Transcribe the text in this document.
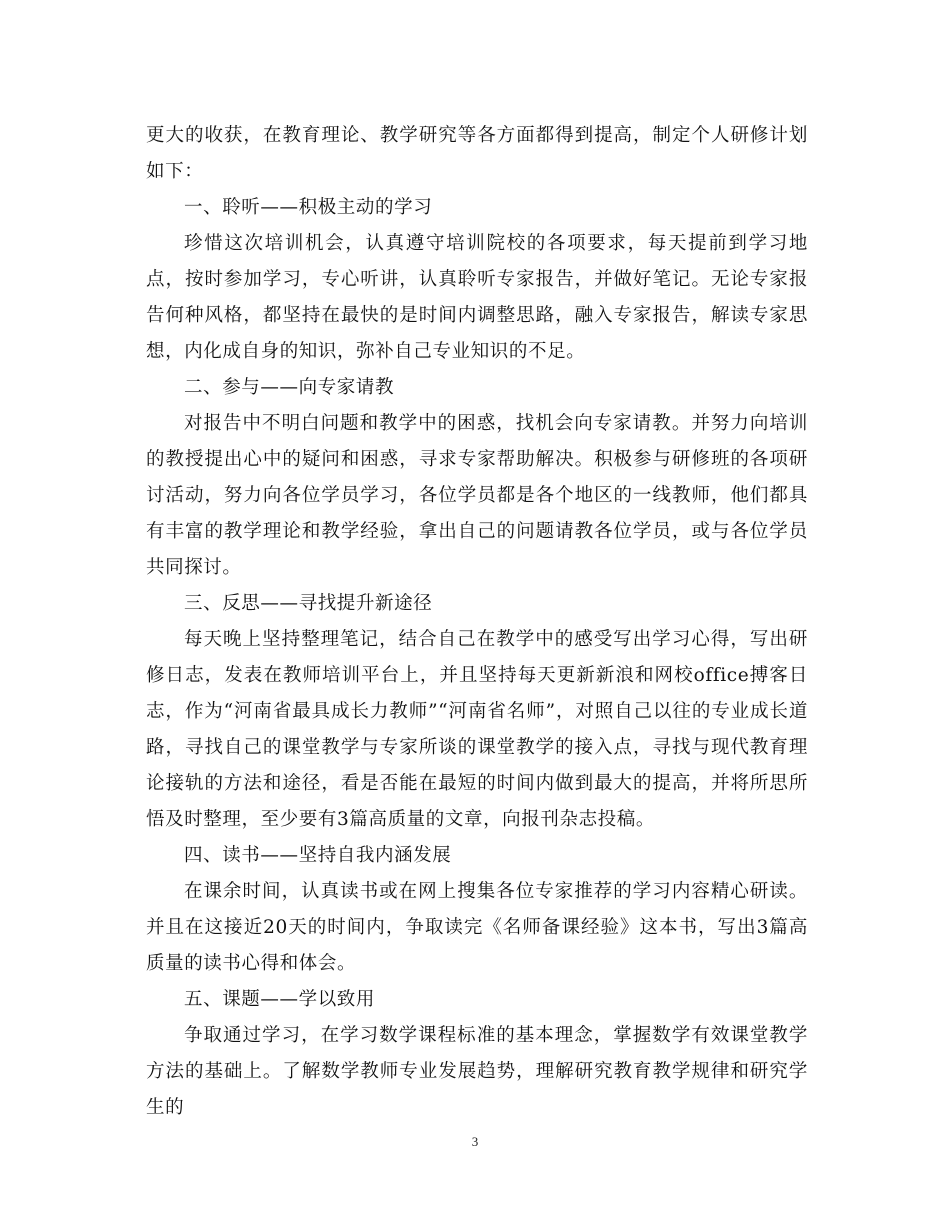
更大的收获，在教育理论、教学研究等各方面都得到提高，制定个人研修计划如下：

一、聆听——积极主动的学习

珍惜这次培训机会，认真遵守培训院校的各项要求，每天提前到学习地点，按时参加学习，专心听讲，认真聆听专家报告，并做好笔记。无论专家报告何种风格，都坚持在最快的是时间内调整思路，融入专家报告，解读专家思想，内化成自身的知识，弥补自己专业知识的不足。

二、参与——向专家请教

对报告中不明白问题和教学中的困惑，找机会向专家请教。并努力向培训的教授提出心中的疑问和困惑，寻求专家帮助解决。积极参与研修班的各项研讨活动，努力向各位学员学习，各位学员都是各个地区的一线教师，他们都具有丰富的教学理论和教学经验，拿出自己的问题请教各位学员，或与各位学员共同探讨。

三、反思——寻找提升新途径

每天晚上坚持整理笔记，结合自己在教学中的感受写出学习心得，写出研修日志，发表在教师培训平台上，并且坚持每天更新新浪和网校office搏客日志，作为“河南省最具成长力教师”“河南省名师”，对照自己以往的专业成长道路，寻找自己的课堂教学与专家所谈的课堂教学的接入点，寻找与现代教育理论接轨的方法和途径，看是否能在最短的时间内做到最大的提高，并将所思所悟及时整理，至少要有3篇高质量的文章，向报刊杂志投稿。

四、读书——坚持自我内涵发展

在课余时间，认真读书或在网上搜集各位专家推荐的学习内容精心研读。并且在这接近20天的时间内，争取读完《名师备课经验》这本书，写出3篇高质量的读书心得和体会。

五、课题——学以致用

争取通过学习，在学习数学课程标准的基本理念，掌握数学有效课堂教学方法的基础上。了解数学教师专业发展趋势，理解研究教育教学规律和研究学生的

3
